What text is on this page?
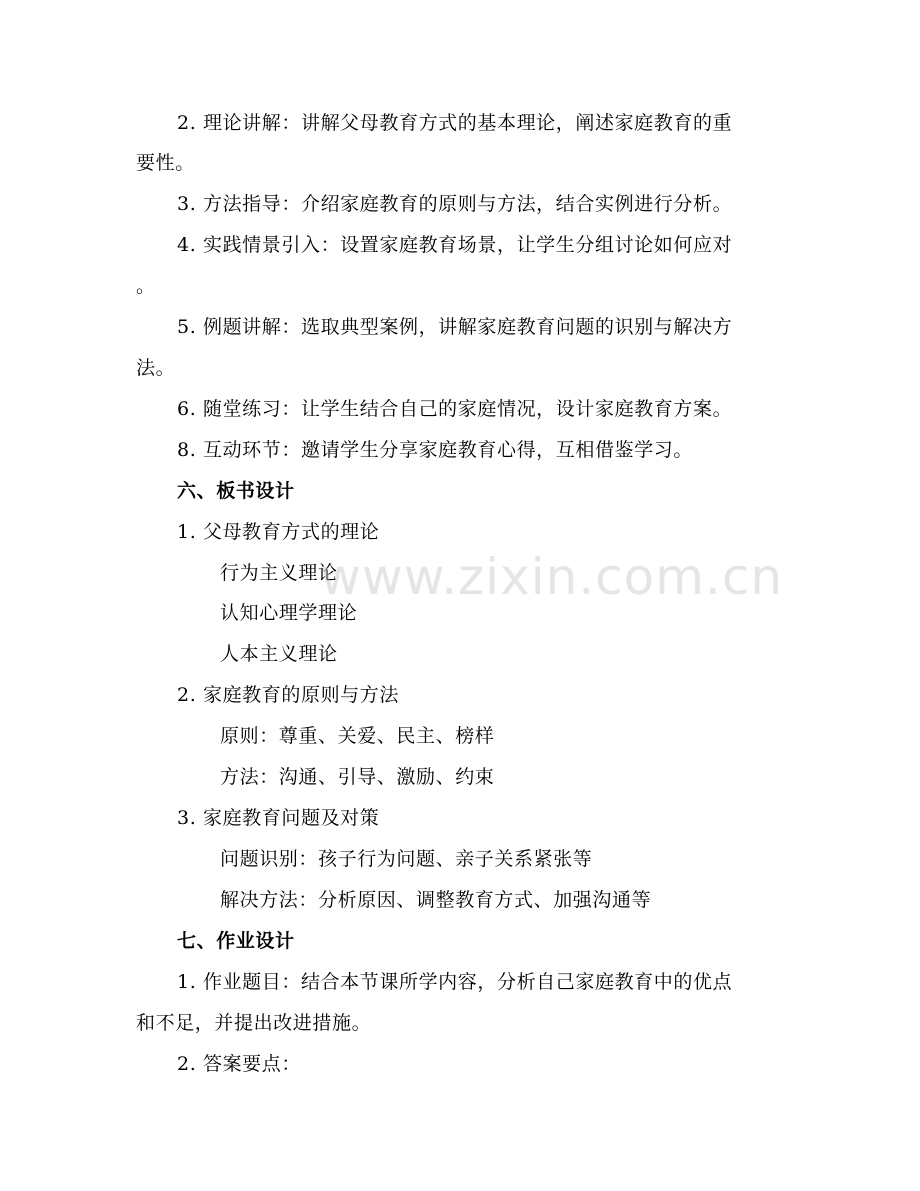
2. 理论讲解：讲解父母教育方式的基本理论，阐述家庭教育的重
要性。
3. 方法指导：介绍家庭教育的原则与方法，结合实例进行分析。
4. 实践情景引入：设置家庭教育场景，让学生分组讨论如何应对
。
5. 例题讲解：选取典型案例，讲解家庭教育问题的识别与解决方
法。
6. 随堂练习：让学生结合自己的家庭情况，设计家庭教育方案。
8. 互动环节：邀请学生分享家庭教育心得，互相借鉴学习。
六、板书设计
1. 父母教育方式的理论
行为主义理论
认知心理学理论
人本主义理论
2. 家庭教育的原则与方法
原则：尊重、关爱、民主、榜样
方法：沟通、引导、激励、约束
3. 家庭教育问题及对策
问题识别：孩子行为问题、亲子关系紧张等
解决方法：分析原因、调整教育方式、加强沟通等
七、作业设计
1. 作业题目：结合本节课所学内容，分析自己家庭教育中的优点
和不足，并提出改进措施。
2. 答案要点：
www.zixin.com.cn
